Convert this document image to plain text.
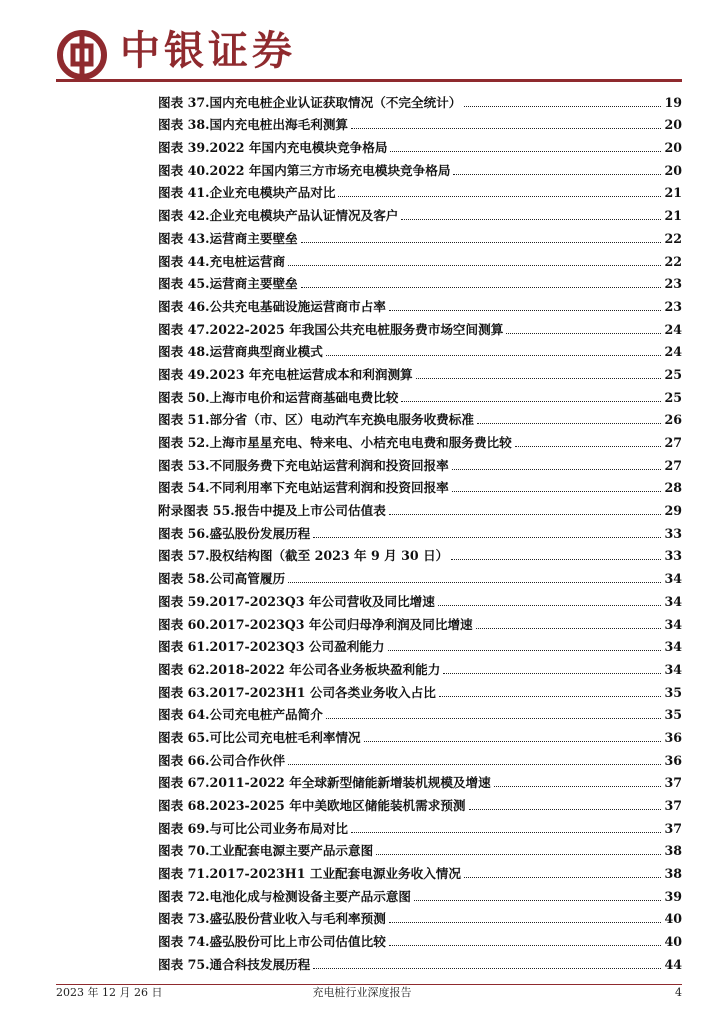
中银证券
图表 37.国内充电桩企业认证获取情况（不完全统计）	19
图表 38.国内充电桩出海毛利测算	20
图表 39.2022 年国内充电模块竞争格局	20
图表 40.2022 年国内第三方市场充电模块竞争格局	20
图表 41.企业充电模块产品对比	21
图表 42.企业充电模块产品认证情况及客户	21
图表 43.运营商主要壁垒	22
图表 44.充电桩运营商	22
图表 45.运营商主要壁垒	23
图表 46.公共充电基础设施运营商市占率	23
图表 47.2022-2025 年我国公共充电桩服务费市场空间测算	24
图表 48.运营商典型商业模式	24
图表 49.2023 年充电桩运营成本和利润测算	25
图表 50.上海市电价和运营商基础电费比较	25
图表 51.部分省（市、区）电动汽车充换电服务收费标准	26
图表 52.上海市星星充电、特来电、小桔充电电费和服务费比较	27
图表 53.不同服务费下充电站运营利润和投资回报率	27
图表 54.不同利用率下充电站运营利润和投资回报率	28
附录图表 55.报告中提及上市公司估值表	29
图表 56.盛弘股份发展历程	33
图表 57.股权结构图（截至 2023 年 9 月 30 日）	33
图表 58.公司高管履历	34
图表 59.2017-2023Q3 年公司营收及同比增速	34
图表 60.2017-2023Q3 年公司归母净利润及同比增速	34
图表 61.2017-2023Q3 公司盈利能力	34
图表 62.2018-2022 年公司各业务板块盈利能力	34
图表 63.2017-2023H1 公司各类业务收入占比	35
图表 64.公司充电桩产品简介	35
图表 65.可比公司充电桩毛利率情况	36
图表 66.公司合作伙伴	36
图表 67.2011-2022 年全球新型储能新增装机规模及增速	37
图表 68.2023-2025 年中美欧地区储能装机需求预测	37
图表 69.与可比公司业务布局对比	37
图表 70.工业配套电源主要产品示意图	38
图表 71.2017-2023H1 工业配套电源业务收入情况	38
图表 72.电池化成与检测设备主要产品示意图	39
图表 73.盛弘股份营业收入与毛利率预测	40
图表 74.盛弘股份可比上市公司估值比较	40
图表 75.通合科技发展历程	44
2023 年 12 月 26 日	充电桩行业深度报告	4
